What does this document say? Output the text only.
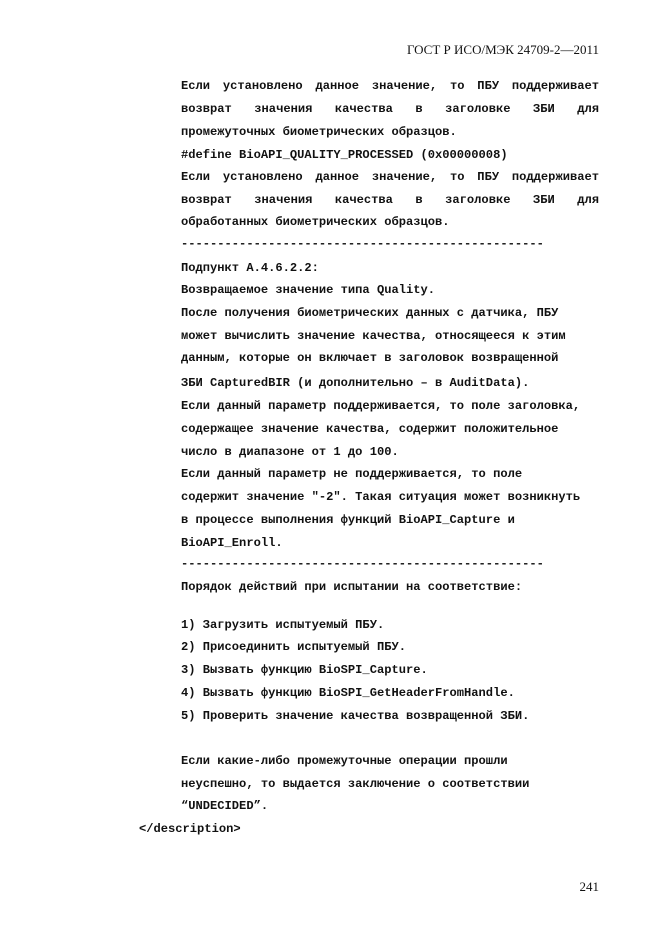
ГОСТ Р ИСО/МЭК 24709-2—2011
Если установлено данное значение, то ПБУ поддерживает
возврат значения качества в заголовке ЗБИ для
промежуточных биометрических образцов.
#define BioAPI_QUALITY_PROCESSED (0x00000008)
Если установлено данное значение, то ПБУ поддерживает
возврат значения качества в заголовке ЗБИ для
обработанных биометрических образцов.
--------------------------------------------------
Подпункт А.4.6.2.2:
Возвращаемое значение типа Quality.
После получения биометрических данных с датчика, ПБУ
может вычислить значение качества, относящееся к этим
данным, которые он включает в заголовок возвращенной
ЗБИ CapturedBIR (и дополнительно – в AuditData).
Если данный параметр поддерживается, то поле заголовка,
содержащее значение качества, содержит положительное
число в диапазоне от 1 до 100.
Если данный параметр не поддерживается, то поле
содержит значение "-2". Такая ситуация может возникнуть
в процессе выполнения функций BioAPI_Capture и
BioAPI_Enroll.
--------------------------------------------------
Порядок действий при испытании на соответствие:
1) Загрузить испытуемый ПБУ.
2) Присоединить испытуемый ПБУ.
3) Вызвать функцию BioSPI_Capture.
4) Вызвать функцию BioSPI_GetHeaderFromHandle.
5) Проверить значение качества возвращенной ЗБИ.
Если какие-либо промежуточные операции прошли
неуспешно, то выдается заключение о соответствии
“UNDECIDED”.
</description>
241
